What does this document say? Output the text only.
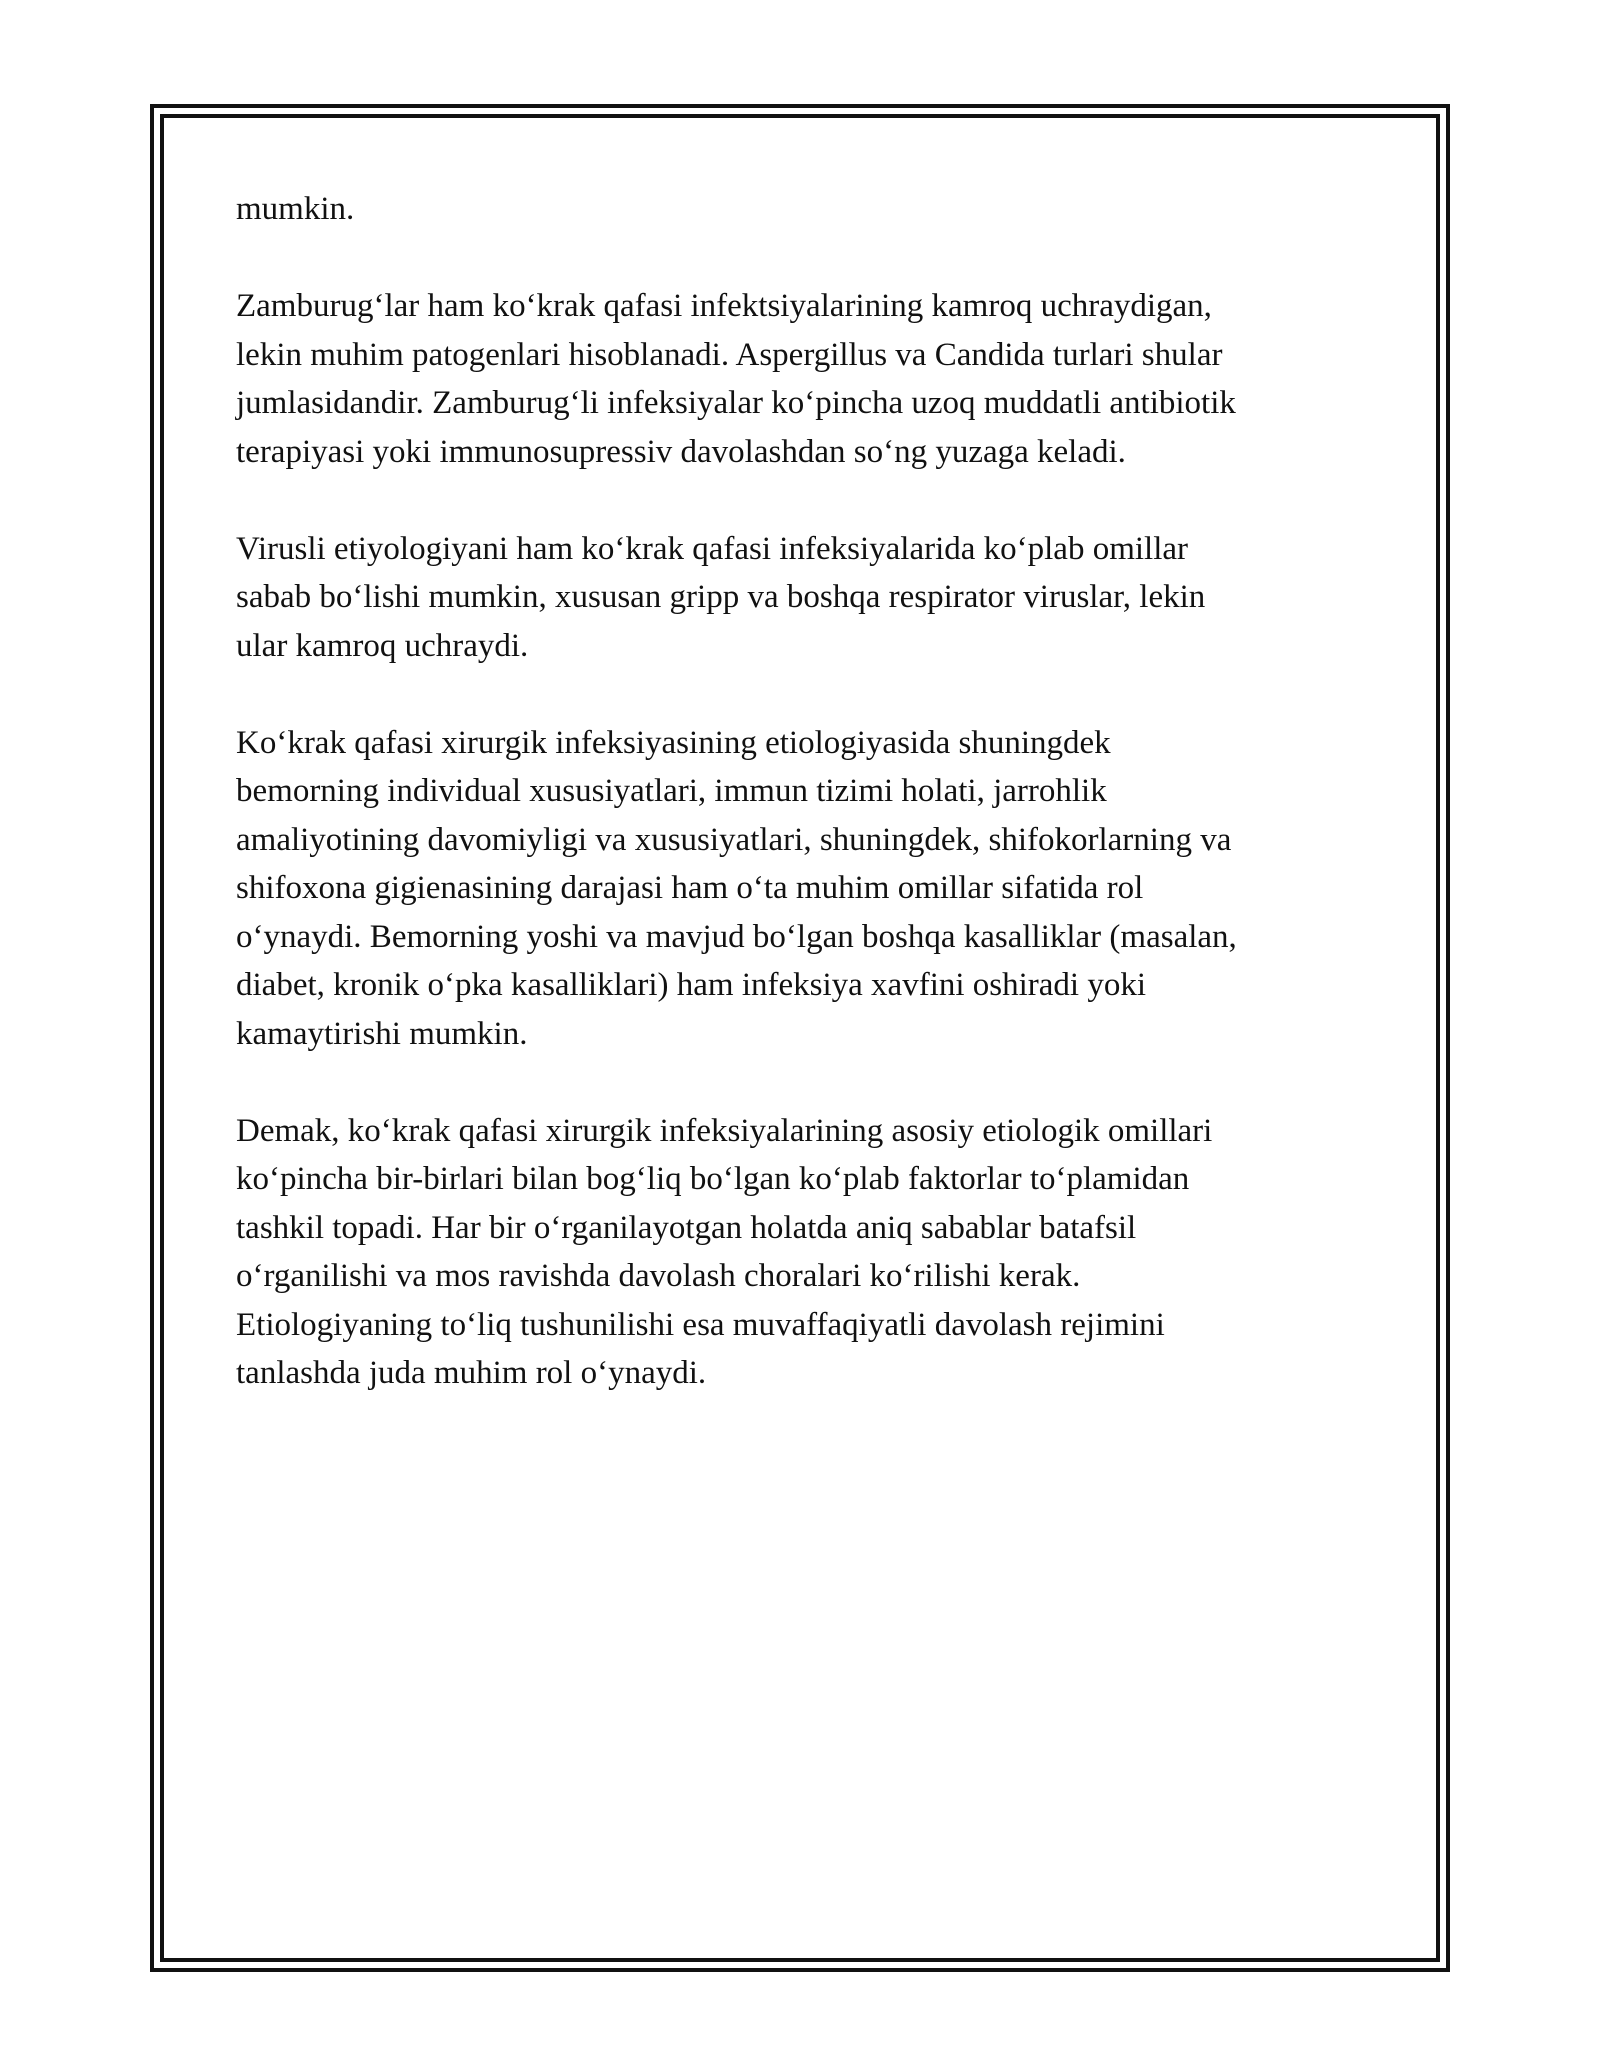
mumkin.

Zamburug‘lar ham ko‘krak qafasi infektsiyalarining kamroq uchraydigan,
lekin muhim patogenlari hisoblanadi. Aspergillus va Candida turlari shular
jumlasidandir. Zamburug‘li infeksiyalar ko‘pincha uzoq muddatli antibiotik
terapiyasi yoki immunosupressiv davolashdan so‘ng yuzaga keladi.

Virusli etiyologiyani ham ko‘krak qafasi infeksiyalarida ko‘plab omillar
sabab bo‘lishi mumkin, xususan gripp va boshqa respirator viruslar, lekin
ular kamroq uchraydi.

Ko‘krak qafasi xirurgik infeksiyasining etiologiyasida shuningdek
bemorning individual xususiyatlari, immun tizimi holati, jarrohlik
amaliyotining davomiyligi va xususiyatlari, shuningdek, shifokorlarning va
shifoxona gigienasining darajasi ham o‘ta muhim omillar sifatida rol
o‘ynaydi. Bemorning yoshi va mavjud bo‘lgan boshqa kasalliklar (masalan,
diabet, kronik o‘pka kasalliklari) ham infeksiya xavfini oshiradi yoki
kamaytirishi mumkin.

Demak, ko‘krak qafasi xirurgik infeksiyalarining asosiy etiologik omillari
ko‘pincha bir-birlari bilan bog‘liq bo‘lgan ko‘plab faktorlar to‘plamidan
tashkil topadi. Har bir o‘rganilayotgan holatda aniq sabablar batafsil
o‘rganilishi va mos ravishda davolash choralari ko‘rilishi kerak.
Etiologiyaning to‘liq tushunilishi esa muvaffaqiyatli davolash rejimini
tanlashda juda muhim rol o‘ynaydi.
